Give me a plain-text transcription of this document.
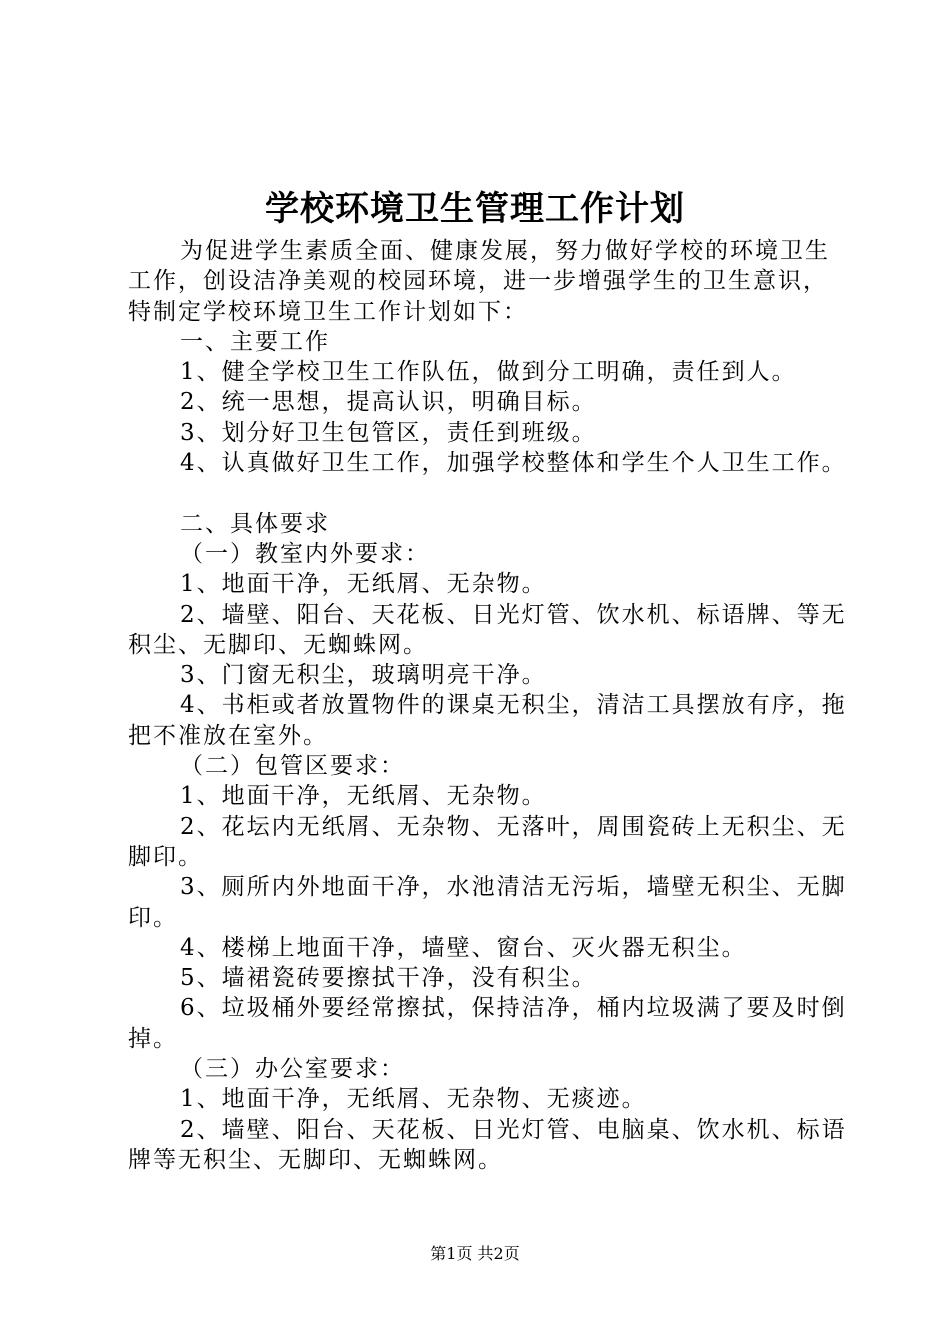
学校环境卫生管理工作计划

为促进学生素质全面、健康发展，努力做好学校的环境卫生工作，创设洁净美观的校园环境，进一步增强学生的卫生意识，特制定学校环境卫生工作计划如下：

一、主要工作

1、健全学校卫生工作队伍，做到分工明确，责任到人。

2、统一思想，提高认识，明确目标。

3、划分好卫生包管区，责任到班级。

4、认真做好卫生工作，加强学校整体和学生个人卫生工作。

二、具体要求

（一）教室内外要求：

1、地面干净，无纸屑、无杂物。

2、墙壁、阳台、天花板、日光灯管、饮水机、标语牌、等无积尘、无脚印、无蜘蛛网。

3、门窗无积尘，玻璃明亮干净。

4、书柜或者放置物件的课桌无积尘，清洁工具摆放有序，拖把不准放在室外。

（二）包管区要求：

1、地面干净，无纸屑、无杂物。

2、花坛内无纸屑、无杂物、无落叶，周围瓷砖上无积尘、无脚印。

3、厕所内外地面干净，水池清洁无污垢，墙壁无积尘、无脚印。

4、楼梯上地面干净，墙壁、窗台、灭火器无积尘。

5、墙裙瓷砖要擦拭干净，没有积尘。

6、垃圾桶外要经常擦拭，保持洁净，桶内垃圾满了要及时倒掉。

（三）办公室要求：

1、地面干净，无纸屑、无杂物、无痰迹。

2、墙壁、阳台、天花板、日光灯管、电脑桌、饮水机、标语牌等无积尘、无脚印、无蜘蛛网。

第1页 共2页
